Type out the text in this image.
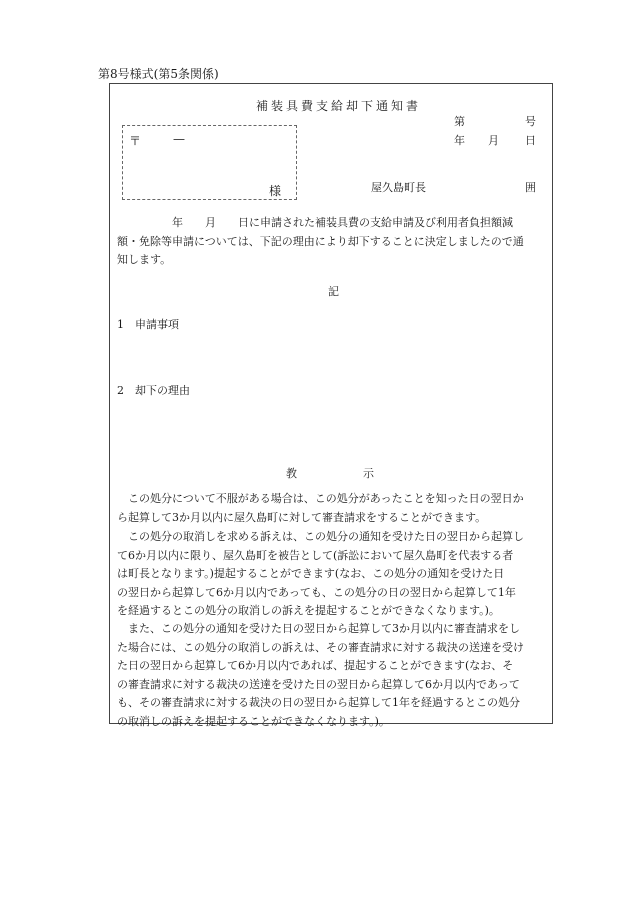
第8号様式(第5条関係)
補装具費支給却下通知書
第	号
年 月 日
〒	—
様	屋久島町長	囲

　　　　　年　　月　　日に申請された補装具費の支給申請及び利用者負担額減
額・免除等申請については、下記の理由により却下することに決定しましたので通
知します。

記
1　申請事項
2　却下の理由
教　　　　　　示

　この処分について不服がある場合は、この処分があったことを知った日の翌日か
ら起算して3か月以内に屋久島町に対して審査請求をすることができます。

　この処分の取消しを求める訴えは、この処分の通知を受けた日の翌日から起算し
て6か月以内に限り、屋久島町を被告として(訴訟において屋久島町を代表する者
は町長となります。)提起することができます(なお、この処分の通知を受けた日
の翌日から起算して6か月以内であっても、この処分の日の翌日から起算して1年
を経過するとこの処分の取消しの訴えを提起することができなくなります。)。

　また、この処分の通知を受けた日の翌日から起算して3か月以内に審査請求をし
た場合には、この処分の取消しの訴えは、その審査請求に対する裁決の送達を受け
た日の翌日から起算して6か月以内であれば、提起することができます(なお、そ
の審査請求に対する裁決の送達を受けた日の翌日から起算して6か月以内であって
も、その審査請求に対する裁決の日の翌日から起算して1年を経過するとこの処分
の取消しの訴えを提起することができなくなります。)。
